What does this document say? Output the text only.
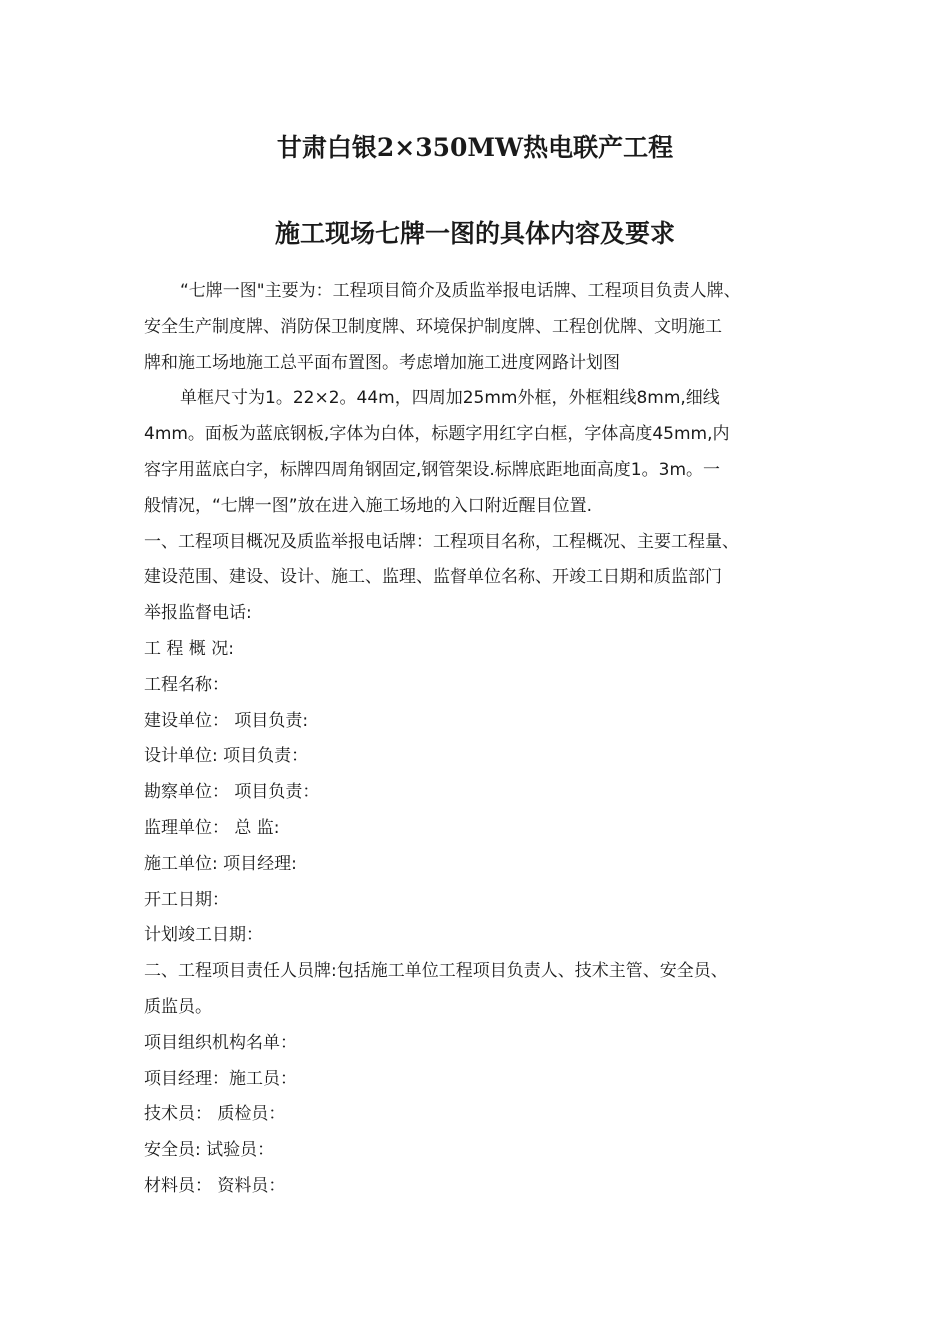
甘肃白银2×350MW热电联产工程
施工现场七牌一图的具体内容及要求
“七牌一图"主要为：工程项目简介及质监举报电话牌、工程项目负责人牌、
安全生产制度牌、消防保卫制度牌、环境保护制度牌、工程创优牌、文明施工
牌和施工场地施工总平面布置图。考虑增加施工进度网路计划图
单框尺寸为1。22×2。44m，四周加25mm外框，外框粗线8mm,细线
4mm。面板为蓝底钢板,字体为白体，标题字用红字白框，字体高度45mm,内
容字用蓝底白字，标牌四周角钢固定,钢管架设.标牌底距地面高度1。3m。一
般情况，“七牌一图”放在进入施工场地的入口附近醒目位置.
一、工程项目概况及质监举报电话牌：工程项目名称，工程概况、主要工程量、
建设范围、建设、设计、施工、监理、监督单位名称、开竣工日期和质监部门
举报监督电话:
工 程 概 况:
工程名称：
建设单位： 项目负责:
设计单位: 项目负责：
勘察单位： 项目负责：
监理单位： 总 监:
施工单位: 项目经理:
开工日期：
计划竣工日期：
二、工程项目责任人员牌:包括施工单位工程项目负责人、技术主管、安全员、
质监员。
项目组织机构名单：
项目经理：施工员：
技术员： 质检员：
安全员: 试验员：
材料员： 资料员：
